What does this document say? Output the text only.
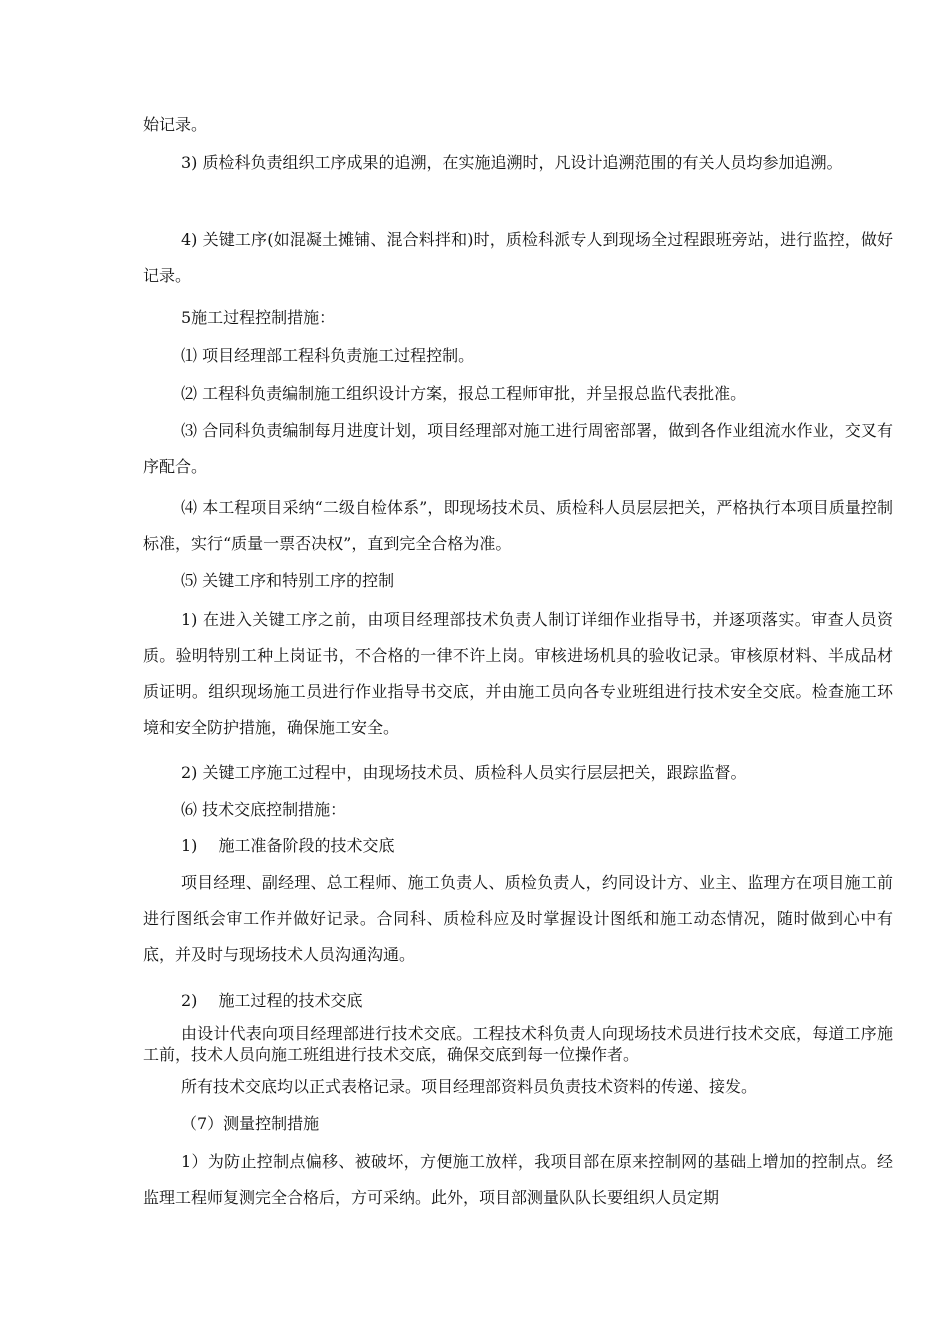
始记录。

3) 质检科负责组织工序成果的追溯，在实施追溯时，凡设计追溯范围的有关人员均参加追溯。

4) 关键工序(如混凝土摊铺、混合料拌和)时，质检科派专人到现场全过程跟班旁站，进行监控，做好记录。

5施工过程控制措施：

⑴ 项目经理部工程科负责施工过程控制。

⑵ 工程科负责编制施工组织设计方案，报总工程师审批，并呈报总监代表批准。

⑶ 合同科负责编制每月进度计划，项目经理部对施工进行周密部署，做到各作业组流水作业，交叉有序配合。

⑷ 本工程项目采纳“二级自检体系”，即现场技术员、质检科人员层层把关，严格执行本项目质量控制标准，实行“质量一票否决权”，直到完全合格为准。

⑸ 关键工序和特别工序的控制

1) 在进入关键工序之前，由项目经理部技术负责人制订详细作业指导书，并逐项落实。审查人员资质。验明特别工种上岗证书，不合格的一律不许上岗。审核进场机具的验收记录。审核原材料、半成品材质证明。组织现场施工员进行作业指导书交底，并由施工员向各专业班组进行技术安全交底。检查施工环境和安全防护措施，确保施工安全。

2) 关键工序施工过程中，由现场技术员、质检科人员实行层层把关，跟踪监督。

⑹ 技术交底控制措施：

1)　 施工准备阶段的技术交底

项目经理、副经理、总工程师、施工负责人、质检负责人，约同设计方、业主、监理方在项目施工前进行图纸会审工作并做好记录。合同科、质检科应及时掌握设计图纸和施工动态情况，随时做到心中有底，并及时与现场技术人员沟通沟通。

2)　 施工过程的技术交底

由设计代表向项目经理部进行技术交底。工程技术科负责人向现场技术员进行技术交底，每道工序施工前，技术人员向施工班组进行技术交底，确保交底到每一位操作者。

所有技术交底均以正式表格记录。项目经理部资料员负责技术资料的传递、接发。

（7）测量控制措施

1）为防止控制点偏移、被破坏，方便施工放样，我项目部在原来控制网的基础上增加的控制点。经监理工程师复测完全合格后，方可采纳。此外，项目部测量队队长要组织人员定期
